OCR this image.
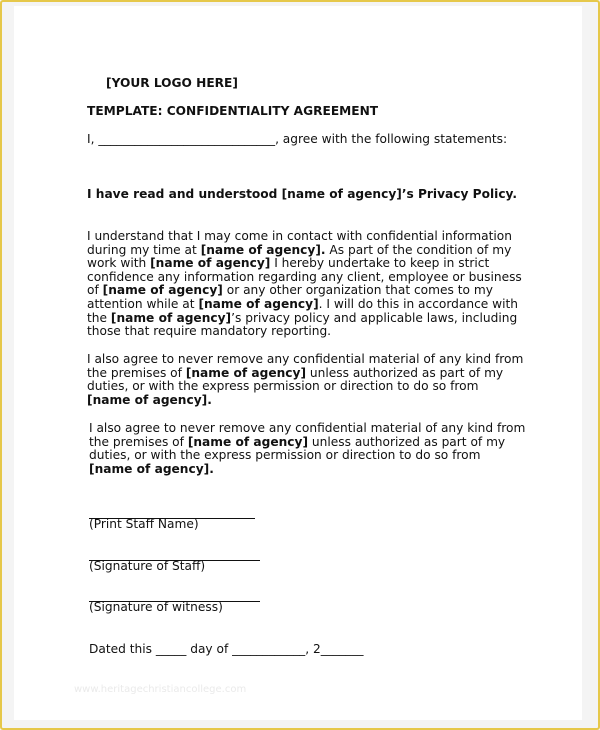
[YOUR LOGO HERE]
TEMPLATE: CONFIDENTIALITY AGREEMENT
I, _____________________________, agree with the following statements:
I have read and understood [name of agency]’s Privacy Policy.
I understand that I may come in contact with confidential information
during my time at [name of agency]. As part of the condition of my
work with [name of agency] I hereby undertake to keep in strict
confidence any information regarding any client, employee or business
of [name of agency] or any other organization that comes to my
attention while at [name of agency]. I will do this in accordance with
the [name of agency]’s privacy policy and applicable laws, including
those that require mandatory reporting.
I also agree to never remove any confidential material of any kind from
the premises of [name of agency] unless authorized as part of my
duties, or with the express permission or direction to do so from
[name of agency].
I also agree to never remove any confidential material of any kind from
the premises of [name of agency] unless authorized as part of my
duties, or with the express permission or direction to do so from
[name of agency].
(Print Staff Name)
(Signature of Staff)
(Signature of witness)
Dated this _____ day of ____________, 2_______
www.heritagechristiancollege.com
